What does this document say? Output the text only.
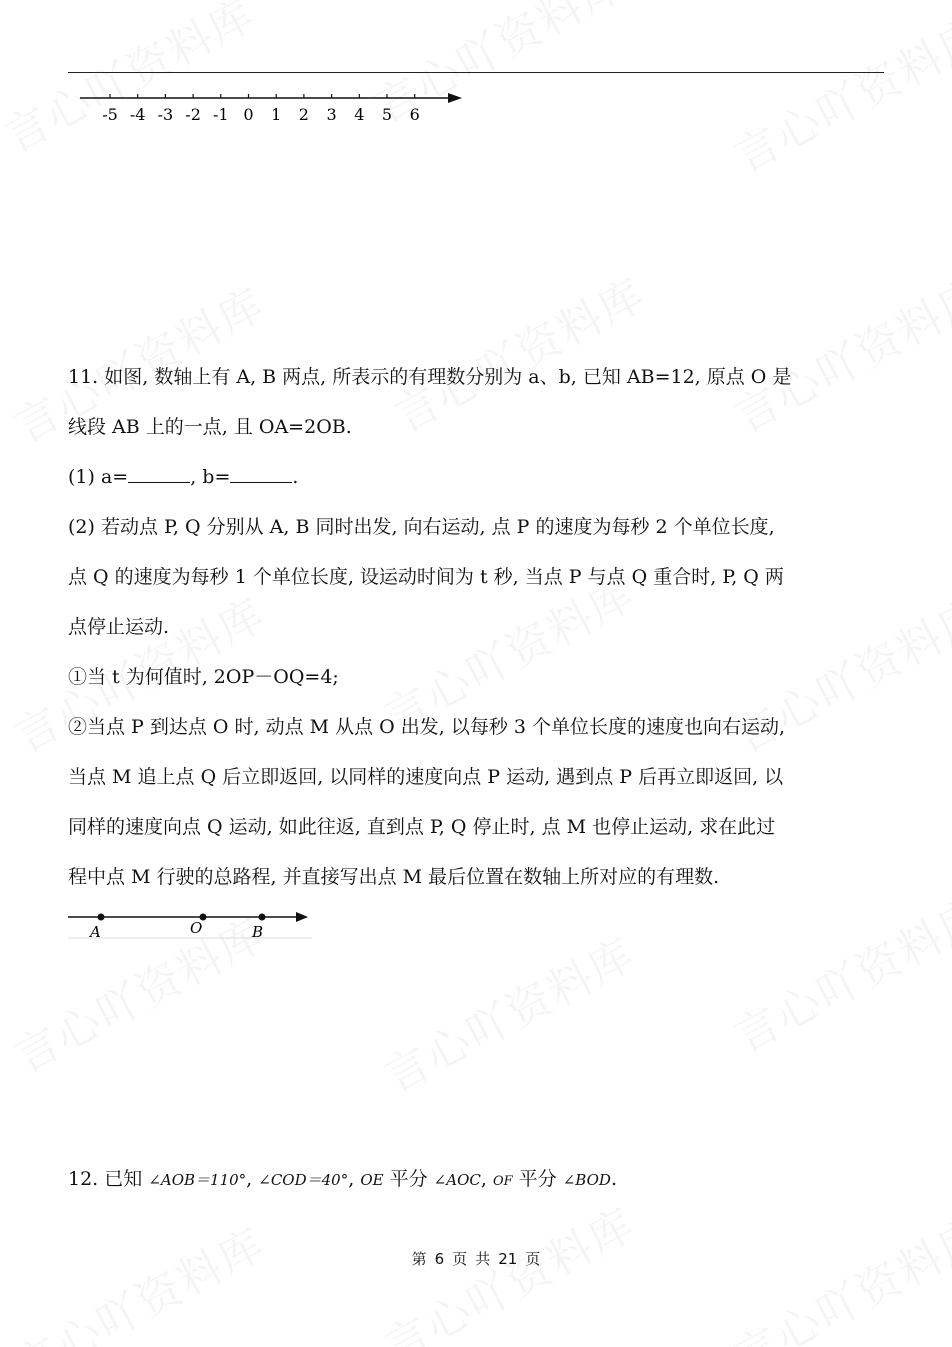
-5 -4 -3 -2 -1 0 1 2 3 4 5 6
11. 如图, 数轴上有 A, B 两点, 所表示的有理数分别为 a、b, 已知 AB=12, 原点 O 是
线段 AB 上的一点, 且 OA=2OB.
(1) a=	, b=	.
(2) 若动点 P, Q 分别从 A, B 同时出发, 向右运动, 点 P 的速度为每秒 2 个单位长度,
点 Q 的速度为每秒 1 个单位长度, 设运动时间为 t 秒, 当点 P 与点 Q 重合时, P, Q 两
点停止运动.
①当 t 为何值时, 2OP－OQ=4;
②当点 P 到达点 O 时, 动点 M 从点 O 出发, 以每秒 3 个单位长度的速度也向右运动,
当点 M 追上点 Q 后立即返回, 以同样的速度向点 P 运动, 遇到点 P 后再立即返回, 以
同样的速度向点 Q 运动, 如此往返, 直到点 P, Q 停止时, 点 M 也停止运动, 求在此过
程中点 M 行驶的总路程, 并直接写出点 M 最后位置在数轴上所对应的有理数.
A	O	B
12. 已知 ∠AOB＝110°, ∠COD＝40°, OE 平分 ∠AOC, OF 平分 ∠BOD.
第 6 页 共 21 页
